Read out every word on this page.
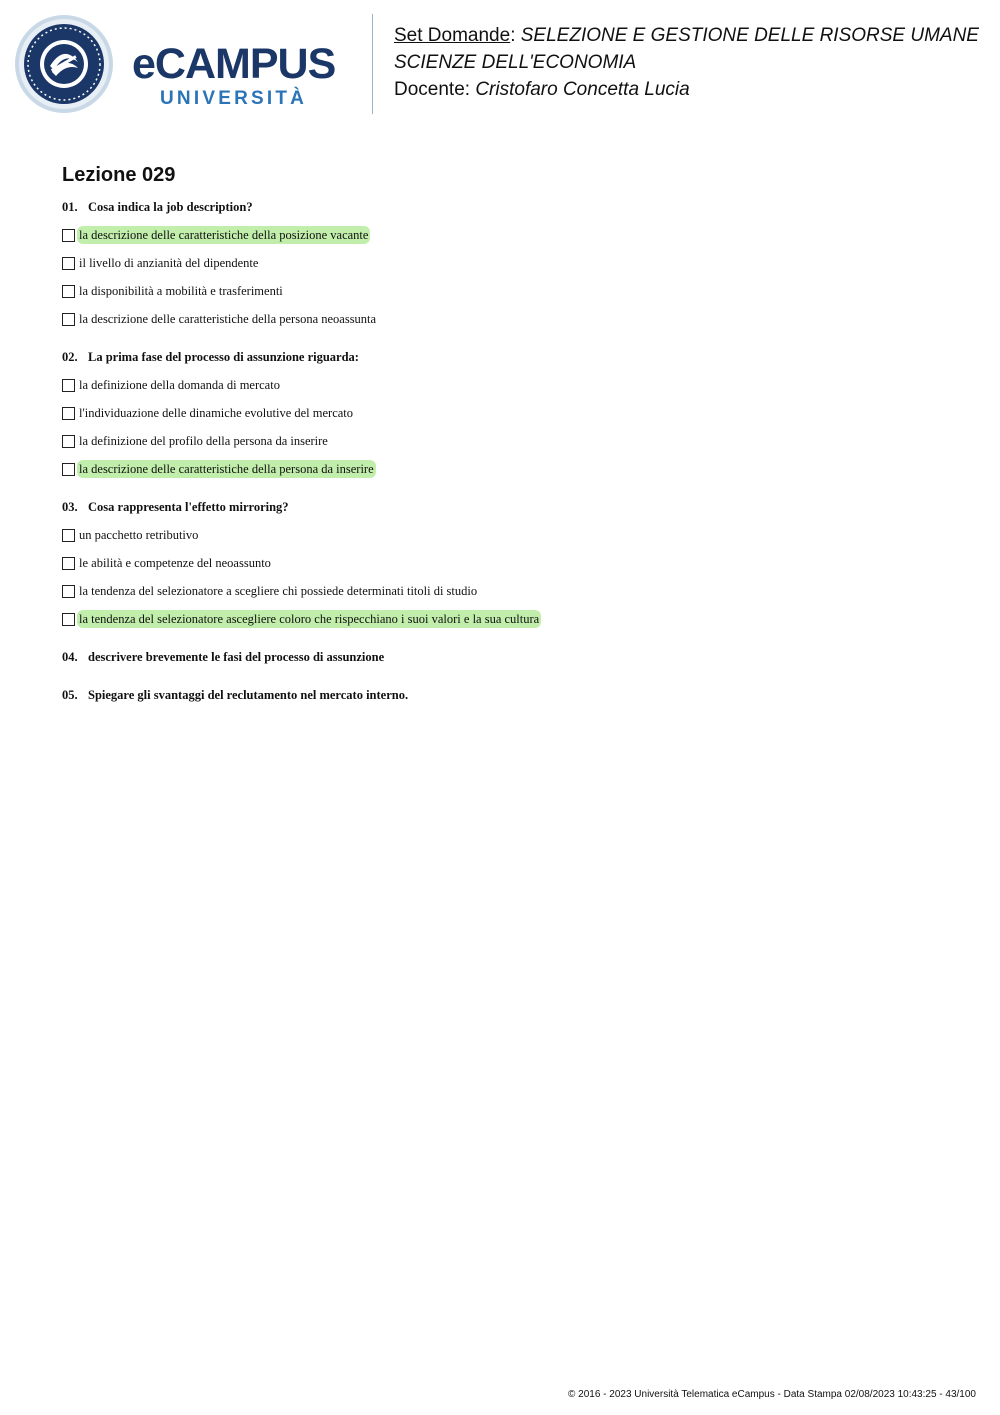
eCAMPUS
UNIVERSITÀ
Set Domande: SELEZIONE E GESTIONE DELLE RISORSE UMANE
SCIENZE DELL'ECONOMIA
Docente: Cristofaro Concetta Lucia
Lezione 029
01. Cosa indica la job description?
la descrizione delle caratteristiche della posizione vacante
il livello di anzianità del dipendente
la disponibilità a mobilità e trasferimenti
la descrizione delle caratteristiche della persona neoassunta
02. La prima fase del processo di assunzione riguarda:
la definizione della domanda di mercato
l'individuazione delle dinamiche evolutive del mercato
la definizione del profilo della persona da inserire
la descrizione delle caratteristiche della persona da inserire
03. Cosa rappresenta l'effetto mirroring?
un pacchetto retributivo
le abilità e competenze del neoassunto
la tendenza del selezionatore a scegliere chi possiede determinati titoli di studio
la tendenza del selezionatore ascegliere coloro che rispecchiano i suoi valori e la sua cultura
04. descrivere brevemente le fasi del processo di assunzione
05. Spiegare gli svantaggi del reclutamento nel mercato interno.
© 2016 - 2023 Università Telematica eCampus - Data Stampa 02/08/2023 10:43:25 - 43/100
